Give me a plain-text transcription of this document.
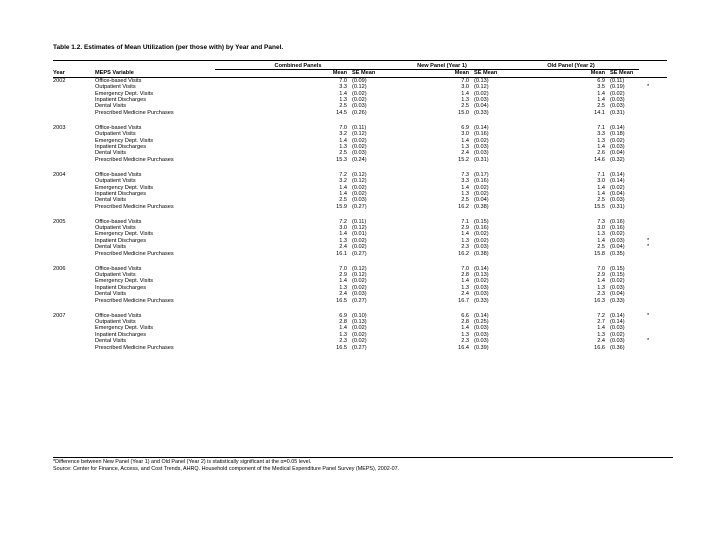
Table 1.2. Estimates of Mean Utilization (per those with) by Year and Panel.

		Combined Panels			New Panel (Year 1)			Old Panel (Year 2)			
Year	MEPS Variable		Mean	SE Mean		Mean	SE Mean		Mean	SE Mean	
2002	Office-based Visits		7.0	(0.09)		7.0	(0.13)		6.9	(0.11)	
	Outpatient Visits		3.3	(0.12)		3.0	(0.12)		3.5	(0.19)	*
	Emergency Dept. Visits		1.4	(0.02)		1.4	(0.02)		1.4	(0.02)	
	Inpatient Discharges		1.3	(0.02)		1.3	(0.03)		1.4	(0.03)	
	Dental Visits		2.5	(0.03)		2.5	(0.04)		2.5	(0.03)	
	Prescribed Medicine Purchases		14.5	(0.26)		15.0	(0.33)		14.1	(0.31)	

2003	Office-based Visits		7.0	(0.11)		6.9	(0.14)		7.1	(0.14)	
	Outpatient Visits		3.2	(0.12)		3.0	(0.16)		3.3	(0.18)	
	Emergency Dept. Visits		1.4	(0.02)		1.4	(0.02)		1.3	(0.02)	
	Inpatient Discharges		1.3	(0.02)		1.3	(0.03)		1.4	(0.03)	
	Dental Visits		2.5	(0.03)		2.4	(0.03)		2.6	(0.04)	
	Prescribed Medicine Purchases		15.3	(0.24)		15.2	(0.31)		14.6	(0.32)	

2004	Office-based Visits		7.2	(0.12)		7.3	(0.17)		7.1	(0.14)	
	Outpatient Visits		3.2	(0.12)		3.3	(0.16)		3.0	(0.14)	
	Emergency Dept. Visits		1.4	(0.02)		1.4	(0.02)		1.4	(0.02)	
	Inpatient Discharges		1.4	(0.02)		1.3	(0.02)		1.4	(0.04)	
	Dental Visits		2.5	(0.03)		2.5	(0.04)		2.5	(0.03)	
	Prescribed Medicine Purchases		15.9	(0.27)		16.2	(0.38)		15.5	(0.31)	

2005	Office-based Visits		7.2	(0.11)		7.1	(0.15)		7.3	(0.16)	
	Outpatient Visits		3.0	(0.12)		2.9	(0.16)		3.0	(0.16)	
	Emergency Dept. Visits		1.4	(0.01)		1.4	(0.02)		1.3	(0.02)	
	Inpatient Discharges		1.3	(0.02)		1.3	(0.02)		1.4	(0.03)	*
	Dental Visits		2.4	(0.02)		2.3	(0.03)		2.5	(0.04)	*
	Prescribed Medicine Purchases		16.1	(0.27)		16.2	(0.38)		15.8	(0.35)	

2006	Office-based Visits		7.0	(0.12)		7.0	(0.14)		7.0	(0.15)	
	Outpatient Visits		2.9	(0.12)		2.8	(0.13)		2.9	(0.15)	
	Emergency Dept. Visits		1.4	(0.02)		1.4	(0.02)		1.4	(0.02)	
	Inpatient Discharges		1.3	(0.02)		1.3	(0.03)		1.3	(0.03)	
	Dental Visits		2.4	(0.03)		2.4	(0.03)		2.3	(0.04)	
	Prescribed Medicine Purchases		16.5	(0.27)		16.7	(0.33)		16.3	(0.33)	

2007	Office-based Visits		6.9	(0.10)		6.6	(0.14)		7.2	(0.14)	*
	Outpatient Visits		2.8	(0.13)		2.8	(0.25)		2.7	(0.14)	
	Emergency Dept. Visits		1.4	(0.02)		1.4	(0.03)		1.4	(0.03)	
	Inpatient Discharges		1.3	(0.02)		1.3	(0.03)		1.3	(0.02)	
	Dental Visits		2.3	(0.02)		2.3	(0.03)		2.4	(0.03)	*
	Prescribed Medicine Purchases		16.5	(0.27)		16.4	(0.39)		16.6	(0.36)	
*Difference between New Panel (Year 1) and Old Panel (Year 2) is statistically significant at the α=0.05 level.
Source: Center for Finance, Access, and Cost Trends, AHRQ. Household component of the Medical Expenditure Panel Survey (MEPS), 2002-07.
